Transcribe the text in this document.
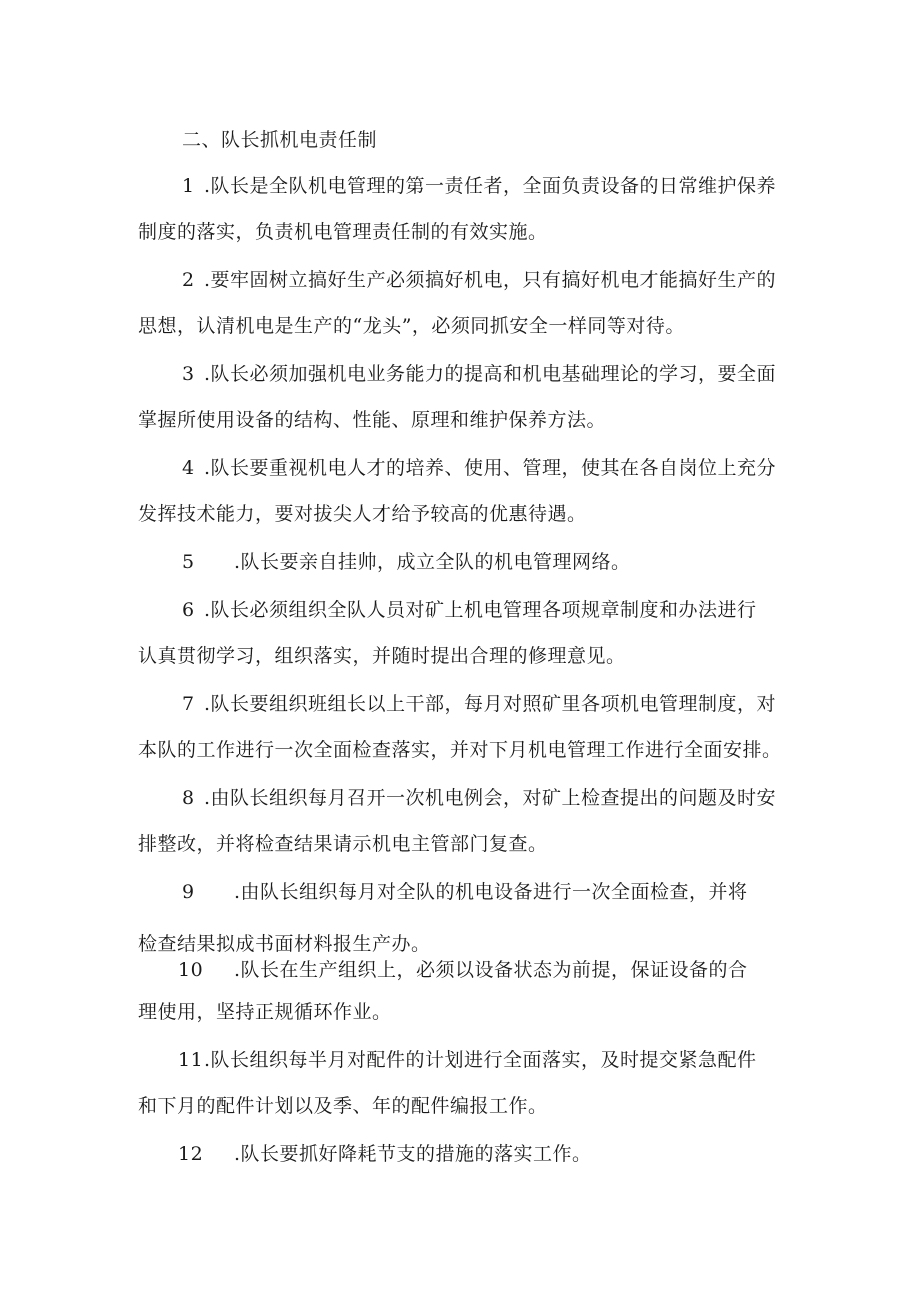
二、队长抓机电责任制
1 .队长是全队机电管理的第一责任者，全面负责设备的日常维护保养
制度的落实，负责机电管理责任制的有效实施。
2 .要牢固树立搞好生产必须搞好机电，只有搞好机电才能搞好生产的
思想，认清机电是生产的“龙头”，必须同抓安全一样同等对待。
3 .队长必须加强机电业务能力的提高和机电基础理论的学习，要全面
掌握所使用设备的结构、性能、原理和维护保养方法。
4 .队长要重视机电人才的培养、使用、管理，使其在各自岗位上充分
发挥技术能力，要对拔尖人才给予较高的优惠待遇。
5 .队长要亲自挂帅，成立全队的机电管理网络。
6 .队长必须组织全队人员对矿上机电管理各项规章制度和办法进行
认真贯彻学习，组织落实，并随时提出合理的修理意见。
7 .队长要组织班组长以上干部，每月对照矿里各项机电管理制度，对
本队的工作进行一次全面检查落实，并对下月机电管理工作进行全面安排。
8 .由队长组织每月召开一次机电例会，对矿上检查提出的问题及时安
排整改，并将检查结果请示机电主管部门复查。
9 .由队长组织每月对全队的机电设备进行一次全面检查，并将
检查结果拟成书面材料报生产办。
10 .队长在生产组织上，必须以设备状态为前提，保证设备的合
理使用，坚持正规循环作业。
11.队长组织每半月对配件的计划进行全面落实，及时提交紧急配件
和下月的配件计划以及季、年的配件编报工作。
12 .队长要抓好降耗节支的措施的落实工作。
